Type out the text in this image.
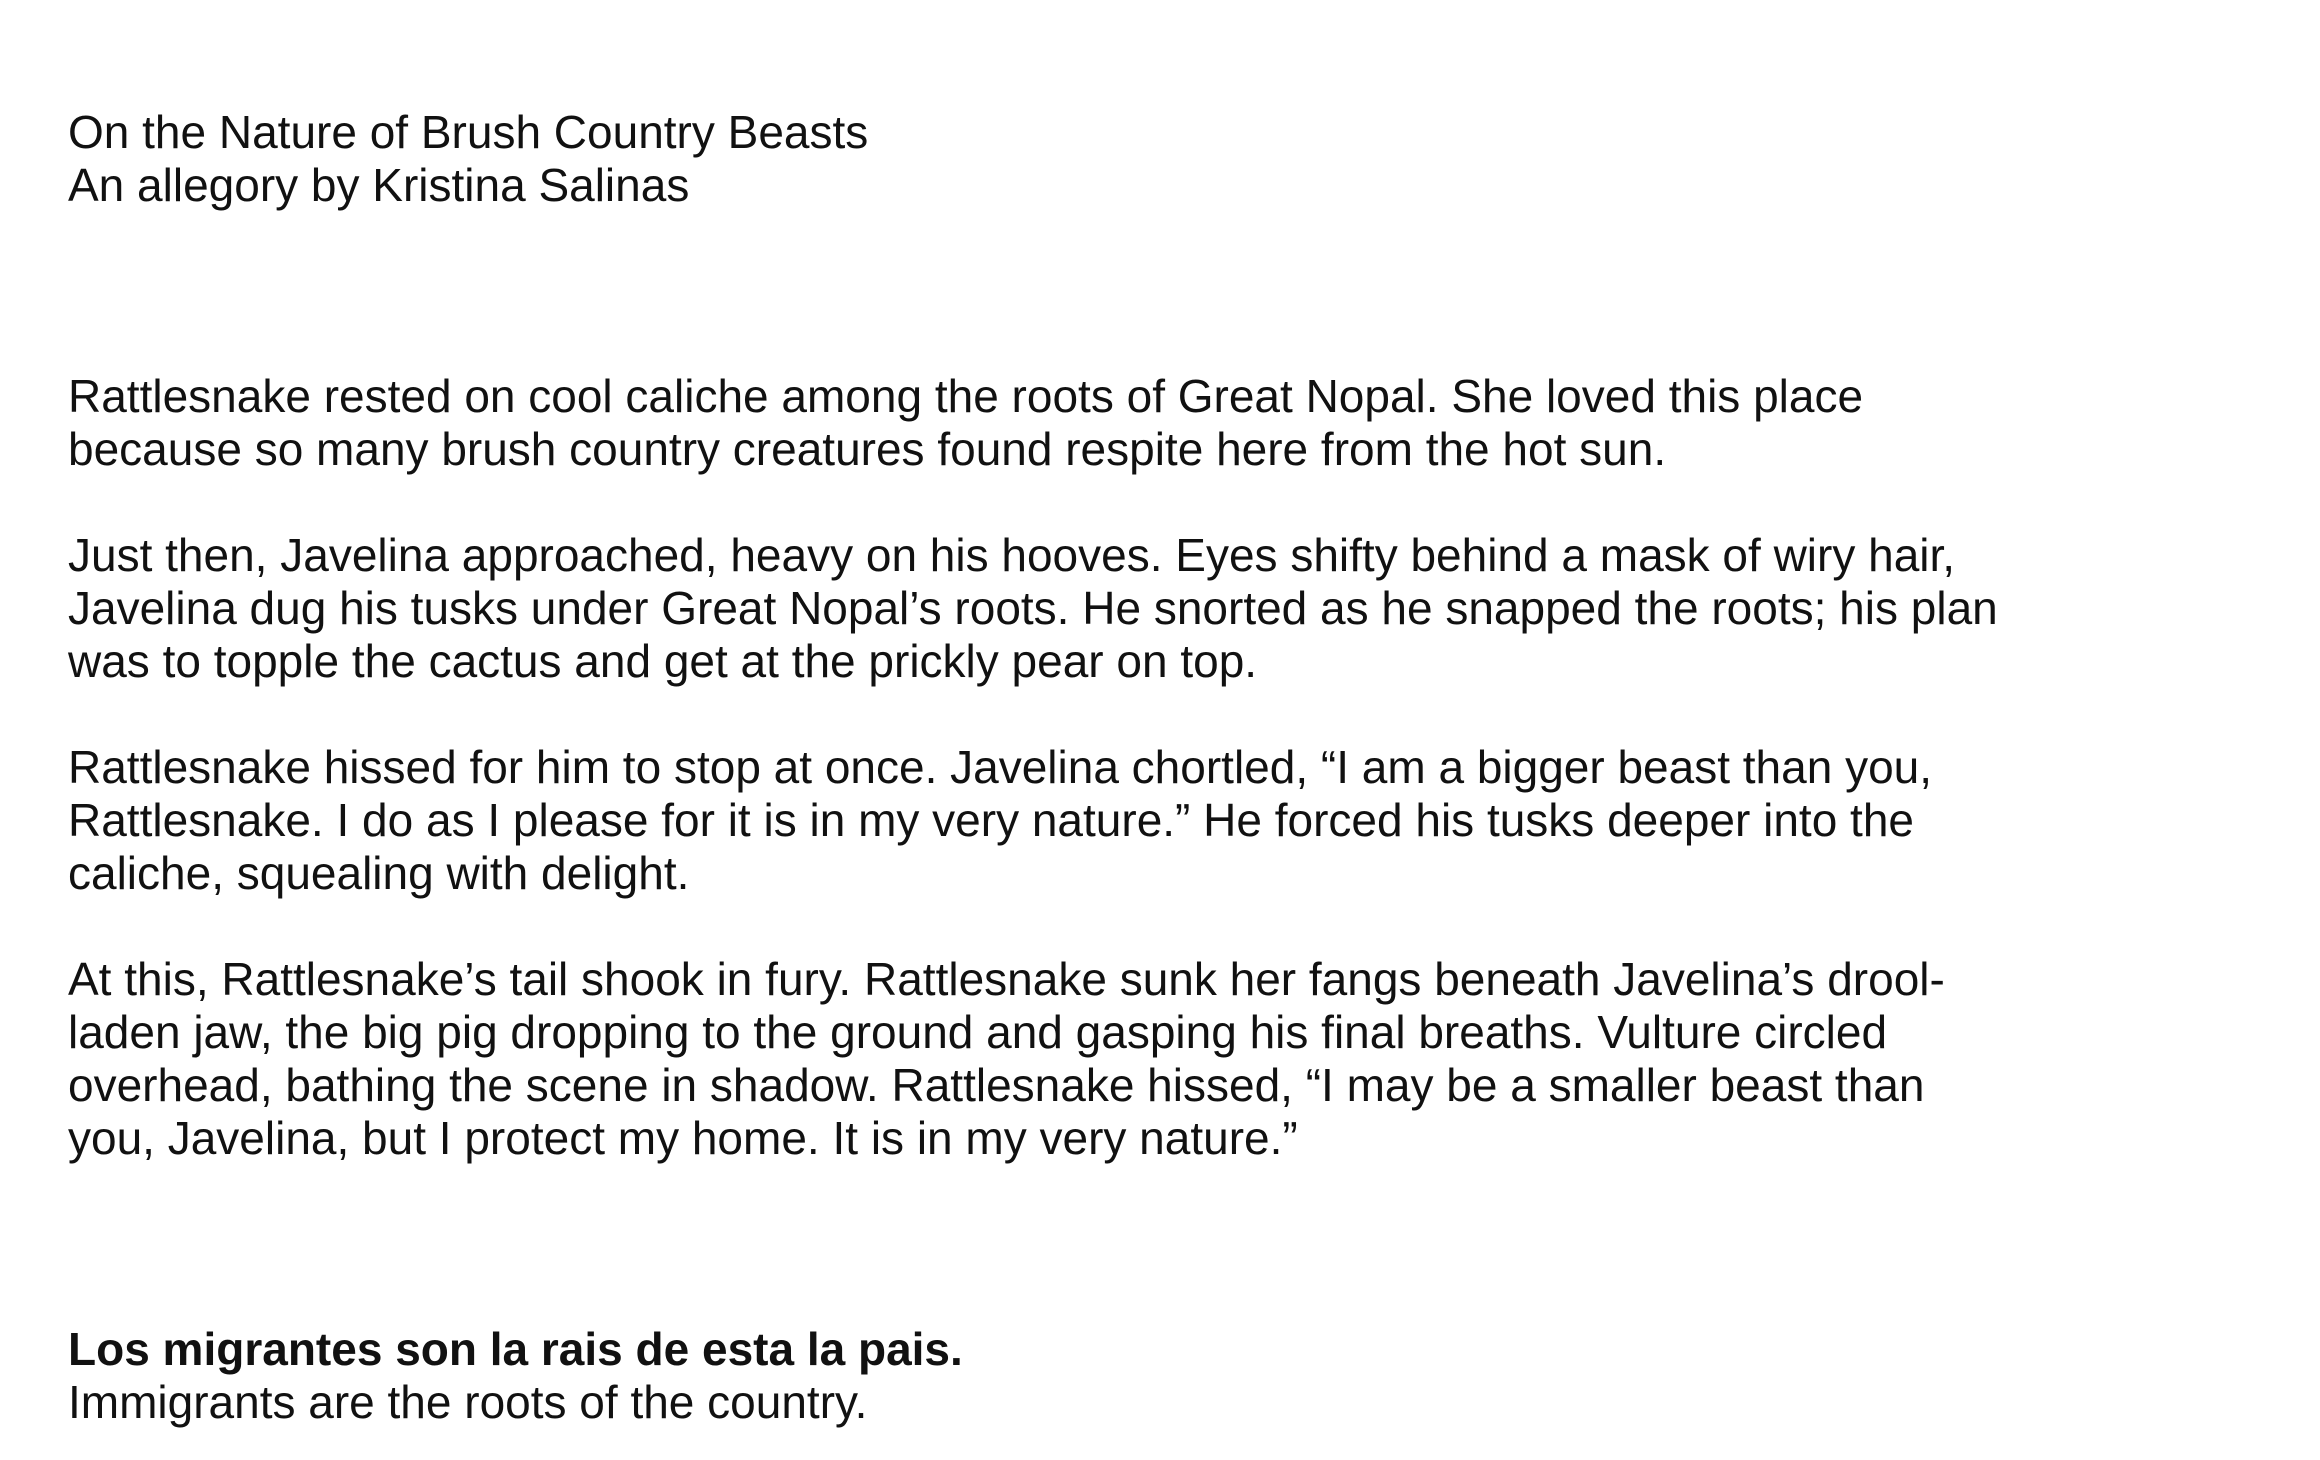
On the Nature of Brush Country Beasts
An allegory by Kristina Salinas

Rattlesnake rested on cool caliche among the roots of Great Nopal. She loved this place
because so many brush country creatures found respite here from the hot sun.

Just then, Javelina approached, heavy on his hooves. Eyes shifty behind a mask of wiry hair,
Javelina dug his tusks under Great Nopal’s roots. He snorted as he snapped the roots; his plan
was to topple the cactus and get at the prickly pear on top.

Rattlesnake hissed for him to stop at once. Javelina chortled, “I am a bigger beast than you,
Rattlesnake. I do as I please for it is in my very nature.” He forced his tusks deeper into the
caliche, squealing with delight.

At this, Rattlesnake’s tail shook in fury. Rattlesnake sunk her fangs beneath Javelina’s drool-
laden jaw, the big pig dropping to the ground and gasping his final breaths. Vulture circled
overhead, bathing the scene in shadow. Rattlesnake hissed, “I may be a smaller beast than
you, Javelina, but I protect my home. It is in my very nature.”

Los migrantes son la rais de esta la pais.
Immigrants are the roots of the country.
